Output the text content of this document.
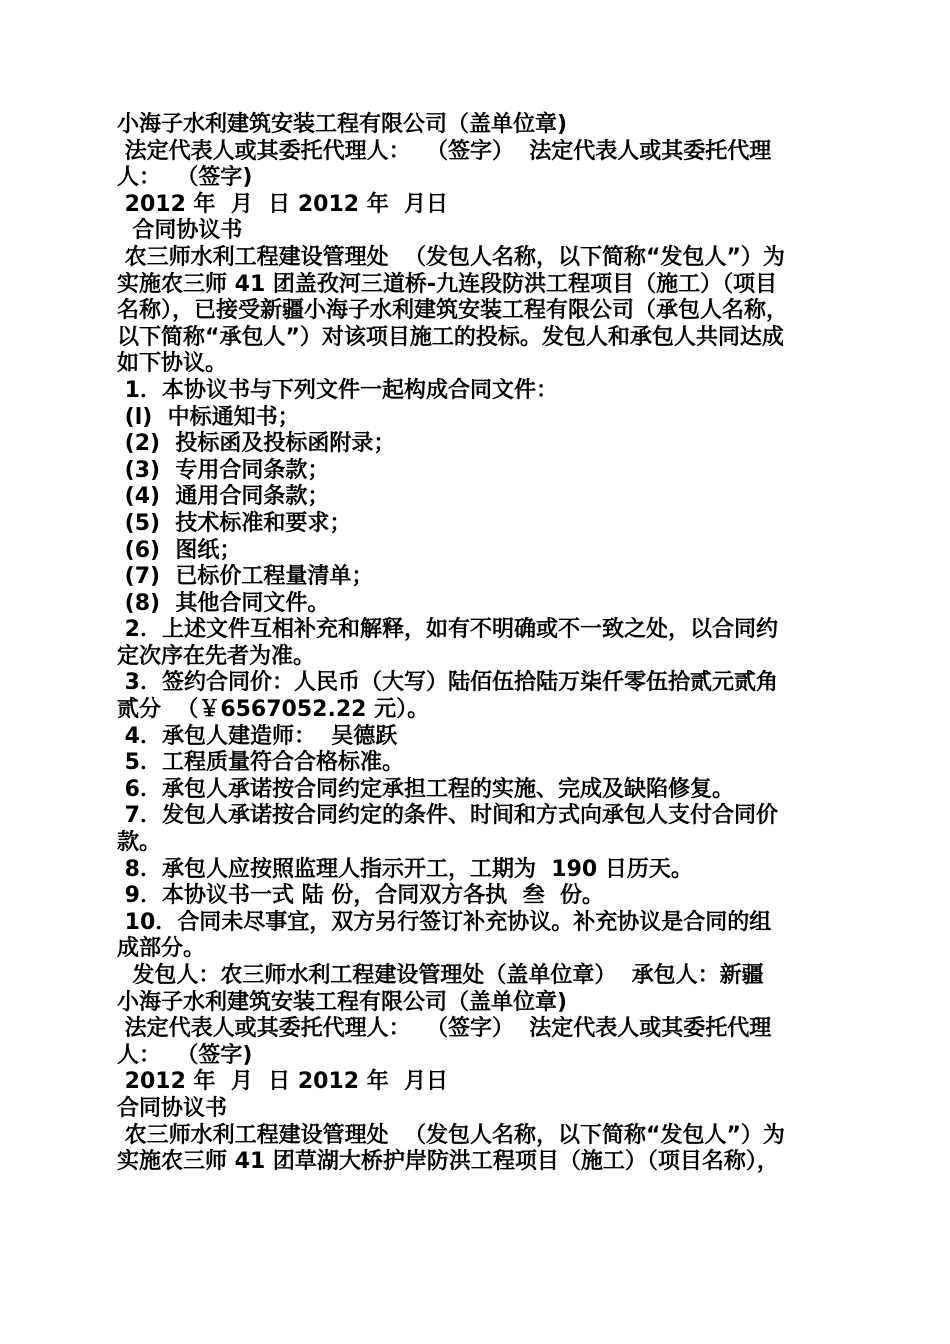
小海子水利建筑安装工程有限公司（盖单位章)
法定代表人或其委托代理人：  （签字）  法定代表人或其委托代理
人：  （签字)
2012 年  月  日 2012 年  月日
合同协议书
农三师水利工程建设管理处  （发包人名称，以下简称“发包人”）为
实施农三师 41 团盖孜河三道桥-九连段防洪工程项目（施工）（项目
名称），已接受新疆小海子水利建筑安装工程有限公司（承包人名称，
以下简称“承包人”）对该项目施工的投标。发包人和承包人共同达成
如下协议。
1．本协议书与下列文件一起构成合同文件：
(l)  中标通知书；
(2)  投标函及投标函附录；
(3)  专用合同条款；
(4)  通用合同条款；
(5)  技术标准和要求；
(6)  图纸；
(7)  已标价工程量清单；
(8)  其他合同文件。
2．上述文件互相补充和解释，如有不明确或不一致之处，以合同约
定次序在先者为准。
3．签约合同价：人民币（大写）陆佰伍拾陆万柒仟零伍拾贰元贰角
贰分  （￥6567052.22 元）。
4．承包人建造师：  吴德跃
5．工程质量符合合格标准。
6．承包人承诺按合同约定承担工程的实施、完成及缺陷修复。
7．发包人承诺按合同约定的条件、时间和方式向承包人支付合同价
款。
8．承包人应按照监理人指示开工，工期为  190 日历天。
9．本协议书一式 陆 份，合同双方各执  叁  份。
10．合同未尽事宜，双方另行签订补充协议。补充协议是合同的组
成部分。
发包人：农三师水利工程建设管理处（盖单位章）  承包人：新疆
小海子水利建筑安装工程有限公司（盖单位章)
法定代表人或其委托代理人：  （签字）  法定代表人或其委托代理
人：  （签字)
2012 年  月  日 2012 年  月日
合同协议书
农三师水利工程建设管理处  （发包人名称，以下简称“发包人”）为
实施农三师 41 团草湖大桥护岸防洪工程项目（施工）（项目名称），
